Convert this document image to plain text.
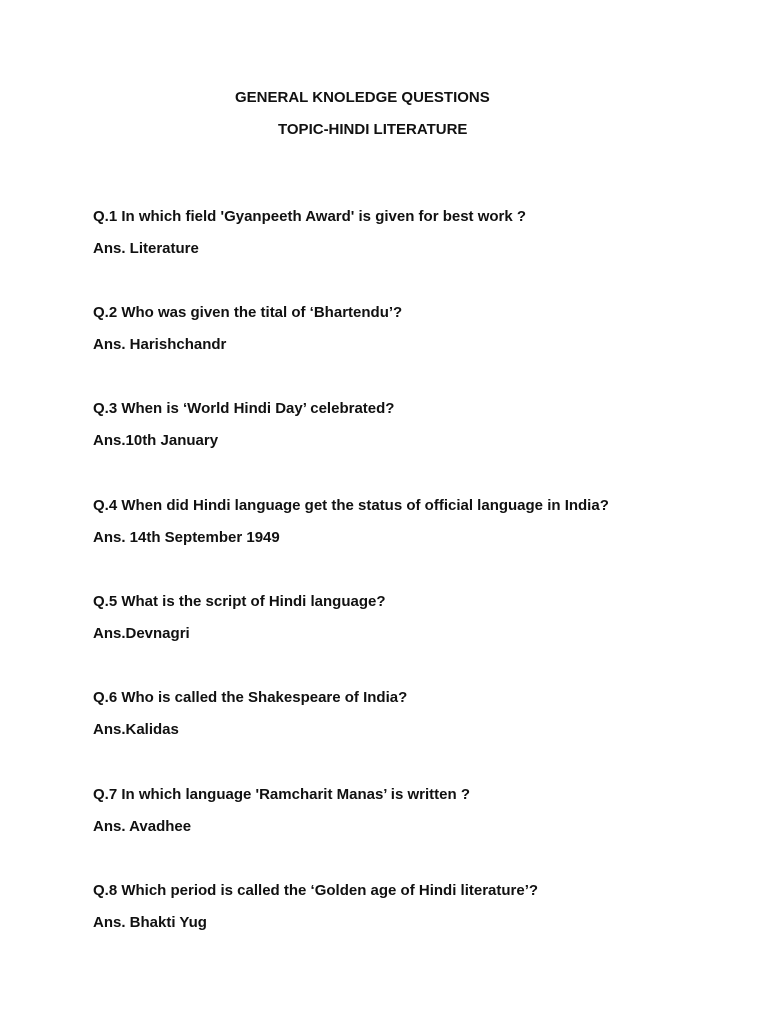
GENERAL KNOLEDGE QUESTIONS
TOPIC-HINDI LITERATURE
Q.1 In which field 'Gyanpeeth Award' is given for best work ?
Ans. Literature
Q.2 Who was given the tital of ‘Bhartendu’?
Ans. Harishchandr
Q.3 When is ‘World Hindi Day’ celebrated?
Ans.10th January
Q.4 When did Hindi language get the status of official language in India?
Ans. 14th September 1949
Q.5 What is the script of Hindi language?
Ans.Devnagri
Q.6 Who is called the Shakespeare of India?
Ans.Kalidas
Q.7 In which language 'Ramcharit Manas’ is written ?
Ans. Avadhee
Q.8 Which period is called the ‘Golden age of Hindi literature’?
Ans. Bhakti Yug
